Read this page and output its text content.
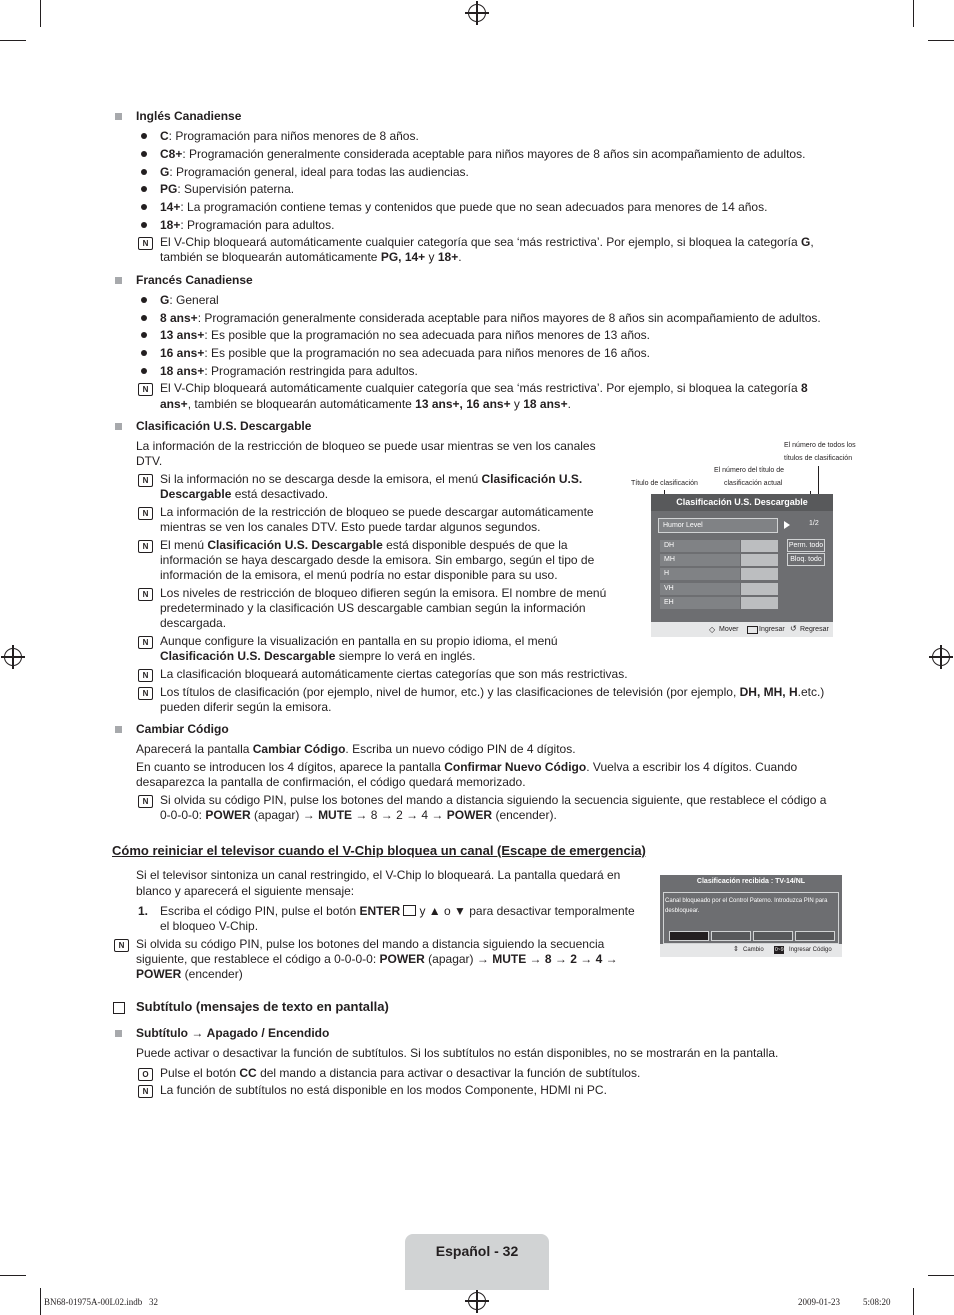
Inglés Canadiense
C: Programación para niños menores de 8 años.
C8+: Programación generalmente considerada aceptable para niños mayores de 8 años sin acompañamiento de adultos.
G: Programación general, ideal para todas las audiencias.
PG: Supervisión paterna.
14+: La programación contiene temas y contenidos que puede que no sean adecuados para menores de 14 años.
18+: Programación para adultos.
N El V-Chip bloqueará automáticamente cualquier categoría que sea ‘más restrictiva’. Por ejemplo, si bloquea la categoría G,
también se bloquearán automáticamente PG, 14+ y 18+.
Francés Canadiense
G: General
8 ans+: Programación generalmente considerada aceptable para niños mayores de 8 años sin acompañamiento de adultos.
13 ans+: Es posible que la programación no sea adecuada para niños menores de 13 años.
16 ans+: Es posible que la programación no sea adecuada para niños menores de 16 años.
18 ans+: Programación restringida para adultos.
N El V-Chip bloqueará automáticamente cualquier categoría que sea ‘más restrictiva’. Por ejemplo, si bloquea la categoría 8
ans+, también se bloquearán automáticamente 13 ans+, 16 ans+ y 18 ans+.
Clasificación U.S. Descargable
La información de la restricción de bloqueo se puede usar mientras se ven los canales
DTV.
N Si la información no se descarga desde la emisora, el menú Clasificación U.S.
Descargable está desactivado.
N La información de la restricción de bloqueo se puede descargar automáticamente
mientras se ven los canales DTV. Esto puede tardar algunos segundos.
N El menú Clasificación U.S. Descargable está disponible después de que la
información se haya descargado desde la emisora. Sin embargo, según el tipo de
información de la emisora, el menú podría no estar disponible para su uso.
N Los niveles de restricción de bloqueo difieren según la emisora. El nombre de menú
predeterminado y la clasificación US descargable cambian según la información
descargada.
N Aunque configure la visualización en pantalla en su propio idioma, el menú
Clasificación U.S. Descargable siempre lo verá en inglés.
N La clasificación bloqueará automáticamente ciertas categorías que son más restrictivas.
N Los títulos de clasificación (por ejemplo, nivel de humor, etc.) y las clasificaciones de televisión (por ejemplo, DH, MH, H.etc.)
pueden diferir según la emisora.
El número de todos los
títulos de clasificación
El número del título de
clasificación actual
Título de clasificación
Clasificación U.S. Descargable
Humor Level	1/2
DH
MH
H
VH
EH
Perm. todo
Bloq. todo
◇ Mover	Ingresar ↺ Regresar
Cambiar Código
Aparecerá la pantalla Cambiar Código. Escriba un nuevo código PIN de 4 dígitos.
En cuanto se introducen los 4 dígitos, aparece la pantalla Confirmar Nuevo Código. Vuelva a escribir los 4 dígitos. Cuando
desaparezca la pantalla de confirmación, el código quedará memorizado.
N Si olvida su código PIN, pulse los botones del mando a distancia siguiendo la secuencia siguiente, que restablece el código a
0-0-0-0: POWER (apagar) → MUTE → 8 → 2 → 4 → POWER (encender).
Cómo reiniciar el televisor cuando el V-Chip bloquea un canal (Escape de emergencia)
Si el televisor sintoniza un canal restringido, el V-Chip lo bloqueará. La pantalla quedará en
blanco y aparecerá el siguiente mensaje:
1. Escriba el código PIN, pulse el botón ENTER y ▲ o ▼ para desactivar temporalmente
el bloqueo V-Chip.
N Si olvida su código PIN, pulse los botones del mando a distancia siguiendo la secuencia
siguiente, que restablece el código a 0-0-0-0: POWER (apagar) → MUTE → 8 → 2 → 4 →
POWER (encender)
Clasificación recibida : TV-14/NL
Canal bloqueado por el Control Paterno. Introduzca PIN para
desbloquear.
⇕ Cambio 0~9 Ingresar Código
Subtítulo (mensajes de texto en pantalla)
Subtítulo → Apagado / Encendido
Puede activar o desactivar la función de subtítulos. Si los subtítulos no están disponibles, no se mostrarán en la pantalla.
O Pulse el botón CC del mando a distancia para activar o desactivar la función de subtítulos.
N La función de subtítulos no está disponible en los modos Componente, HDMI ni PC.
Español - 32
BN68-01975A-00L02.indb   32	2009-01-23   ￿￿ 5:08:20
